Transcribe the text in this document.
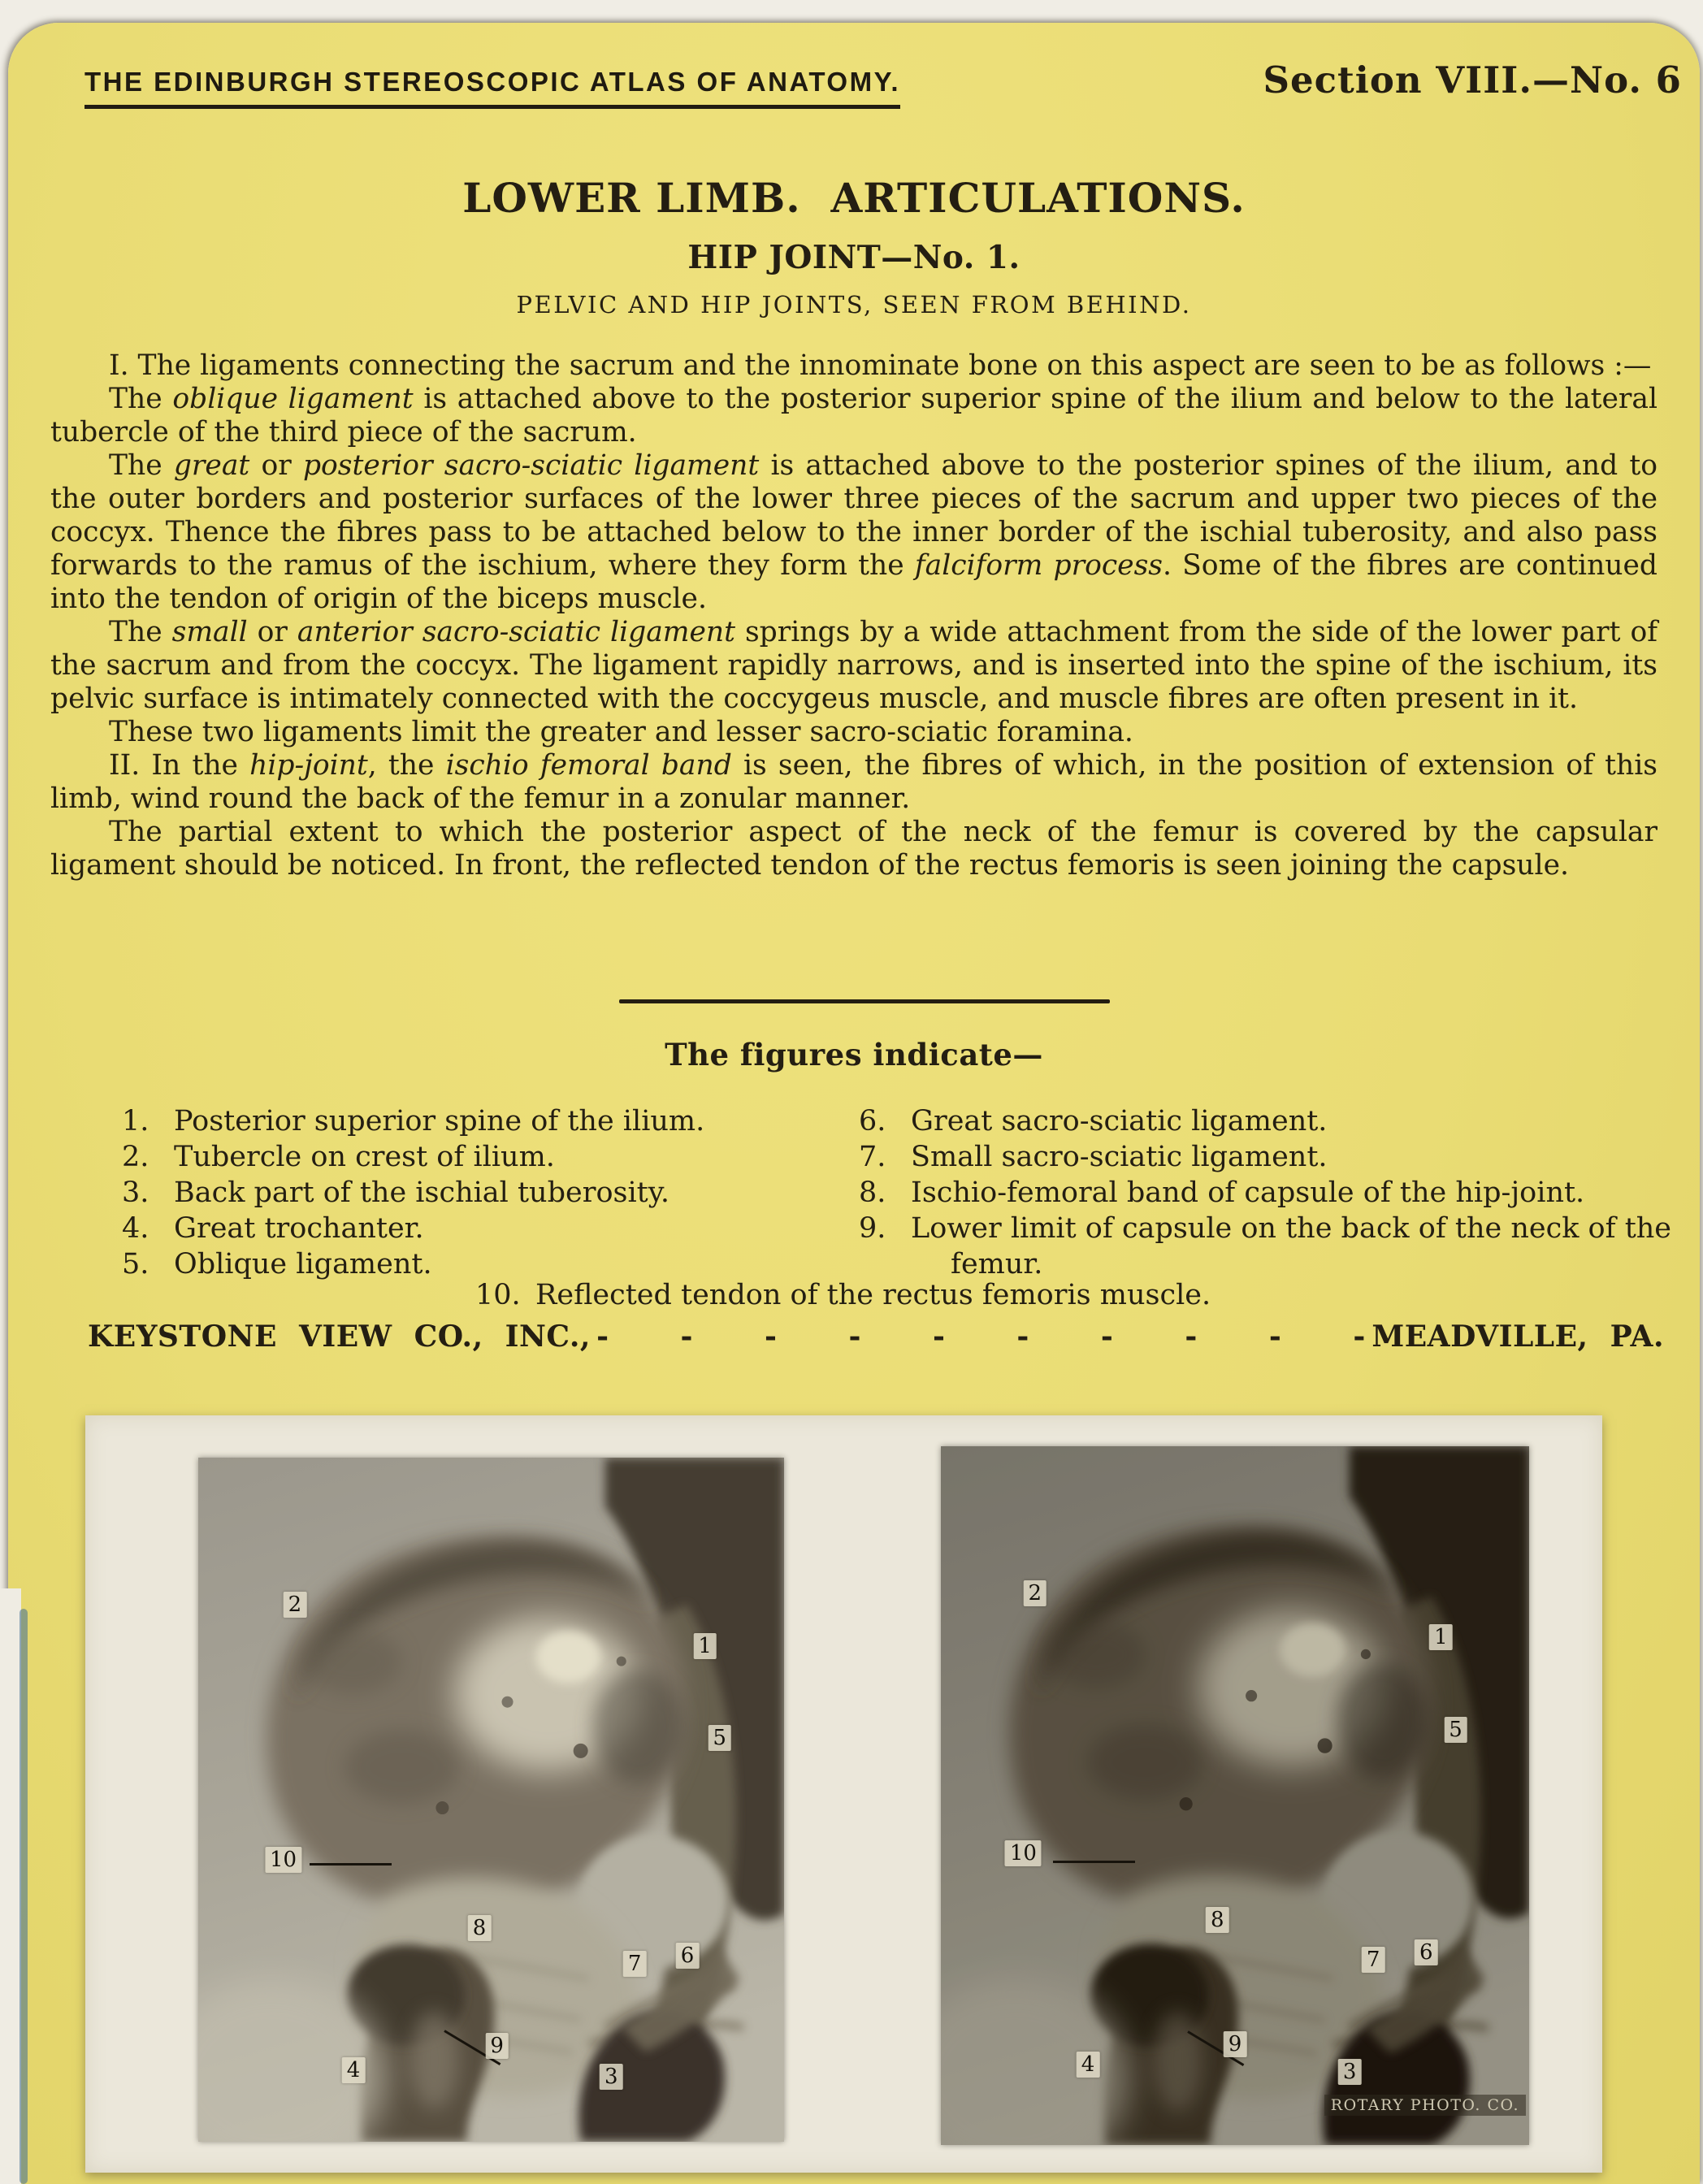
THE EDINBURGH STEREOSCOPIC ATLAS OF ANATOMY.	Section VIII.—No. 6
LOWER LIMB.  ARTICULATIONS.
HIP JOINT—No. 1.
PELVIC AND HIP JOINTS, SEEN FROM BEHIND.

I. The ligaments connecting the sacrum and the innominate bone on this aspect are seen to be as follows :—

The oblique ligament is attached above to the posterior superior spine of the ilium and below to the lateral tubercle of the third piece of the sacrum.

The great or posterior sacro-sciatic ligament is attached above to the posterior spines of the ilium, and to the outer borders and posterior surfaces of the lower three pieces of the sacrum and upper two pieces of the coccyx. Thence the fibres pass to be attached below to the inner border of the ischial tuberosity, and also pass forwards to the ramus of the ischium, where they form the falciform process. Some of the fibres are continued into the tendon of origin of the biceps muscle.

The small or anterior sacro-sciatic ligament springs by a wide attachment from the side of the lower part of the sacrum and from the coccyx. The ligament rapidly narrows, and is inserted into the spine of the ischium, its pelvic surface is intimately connected with the coccygeus muscle, and muscle fibres are often present in it.

These two ligaments limit the greater and lesser sacro-sciatic foramina.

II. In the hip-joint, the ischio femoral band is seen, the fibres of which, in the position of extension of this limb, wind round the back of the femur in a zonular manner.

The partial extent to which the posterior aspect of the neck of the femur is covered by the capsular ligament should be noticed. In front, the reflected tendon of the rectus femoris is seen joining the capsule.

The figures indicate—
1. Posterior superior spine of the ilium.
2. Tubercle on crest of ilium.
3. Back part of the ischial tuberosity.
4. Great trochanter.
5. Oblique ligament.
6. Great sacro-sciatic ligament.
7. Small sacro-sciatic ligament.
8. Ischio-femoral band of capsule of the hip-joint.
9. Lower limit of capsule on the back of the neck of the femur.
10. Reflected tendon of the rectus femoris muscle.
KEYSTONE VIEW CO., INC., - - - - - - - - - - MEADVILLE, PA.
2
1
5
10
8
7 6
9
4	3
2
1
5
10
8
7 6
9
4	3
ROTARY PHOTO. CO.
